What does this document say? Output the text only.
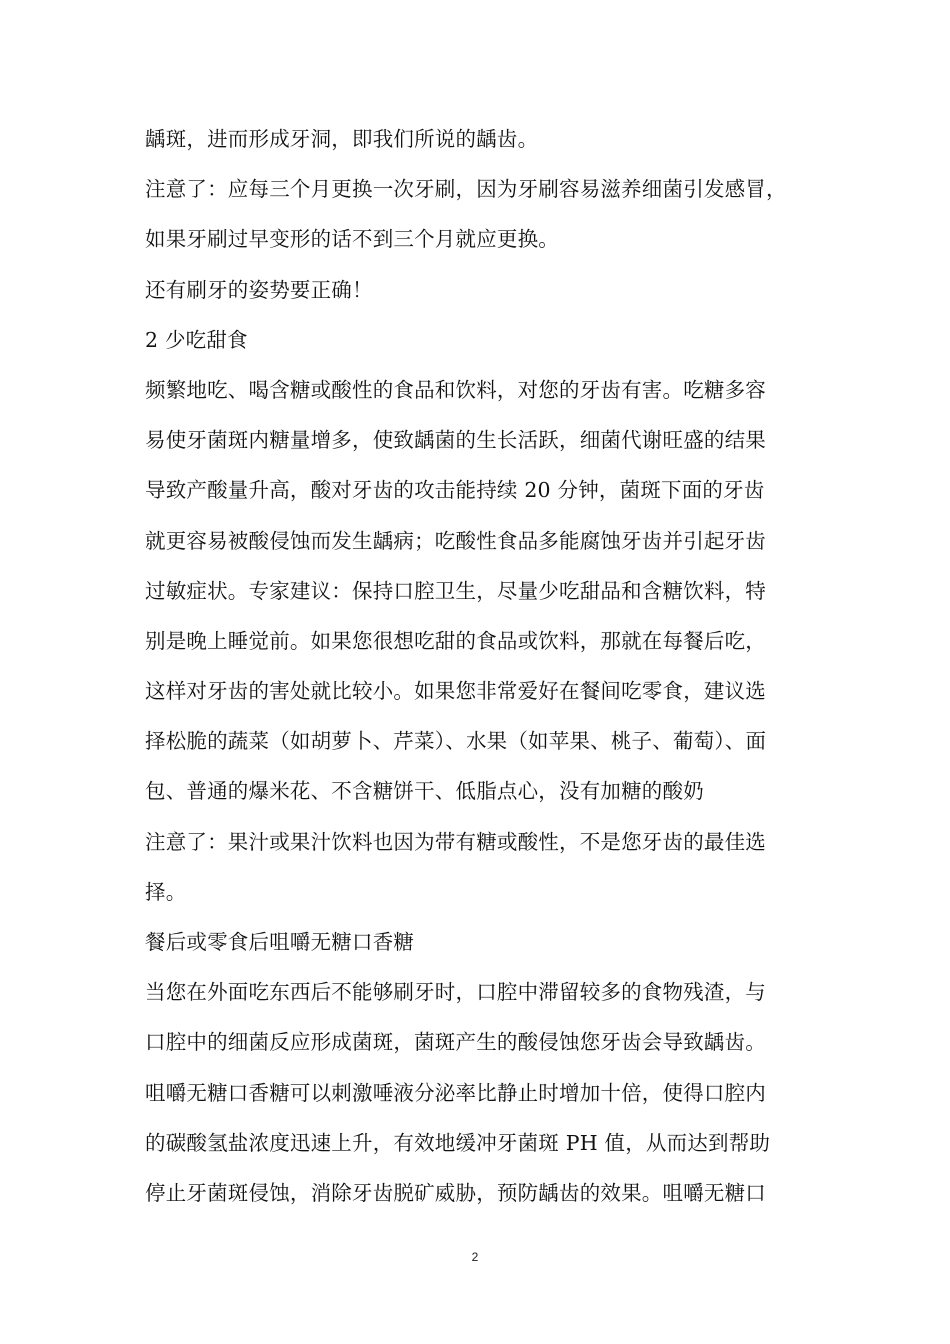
龋斑，进而形成牙洞，即我们所说的龋齿。
注意了：应每三个月更换一次牙刷，因为牙刷容易滋养细菌引发感冒，
如果牙刷过早变形的话不到三个月就应更换。
还有刷牙的姿势要正确！
2 少吃甜食
频繁地吃、喝含糖或酸性的食品和饮料，对您的牙齿有害。吃糖多容
易使牙菌斑内糖量增多，使致龋菌的生长活跃，细菌代谢旺盛的结果
导致产酸量升高，酸对牙齿的攻击能持续 20 分钟，菌斑下面的牙齿
就更容易被酸侵蚀而发生龋病；吃酸性食品多能腐蚀牙齿并引起牙齿
过敏症状。专家建议：保持口腔卫生，尽量少吃甜品和含糖饮料，特
别是晚上睡觉前。如果您很想吃甜的食品或饮料，那就在每餐后吃，
这样对牙齿的害处就比较小。如果您非常爱好在餐间吃零食，建议选
择松脆的蔬菜（如胡萝卜、芹菜）、水果（如苹果、桃子、葡萄）、面
包、普通的爆米花、不含糖饼干、低脂点心，没有加糖的酸奶
注意了：果汁或果汁饮料也因为带有糖或酸性，不是您牙齿的最佳选
择。
餐后或零食后咀嚼无糖口香糖
当您在外面吃东西后不能够刷牙时，口腔中滞留较多的食物残渣，与
口腔中的细菌反应形成菌斑，菌斑产生的酸侵蚀您牙齿会导致龋齿。
咀嚼无糖口香糖可以刺激唾液分泌率比静止时增加十倍，使得口腔内
的碳酸氢盐浓度迅速上升，有效地缓冲牙菌斑 PH 值，从而达到帮助
停止牙菌斑侵蚀，消除牙齿脱矿威胁，预防龋齿的效果。咀嚼无糖口
2
